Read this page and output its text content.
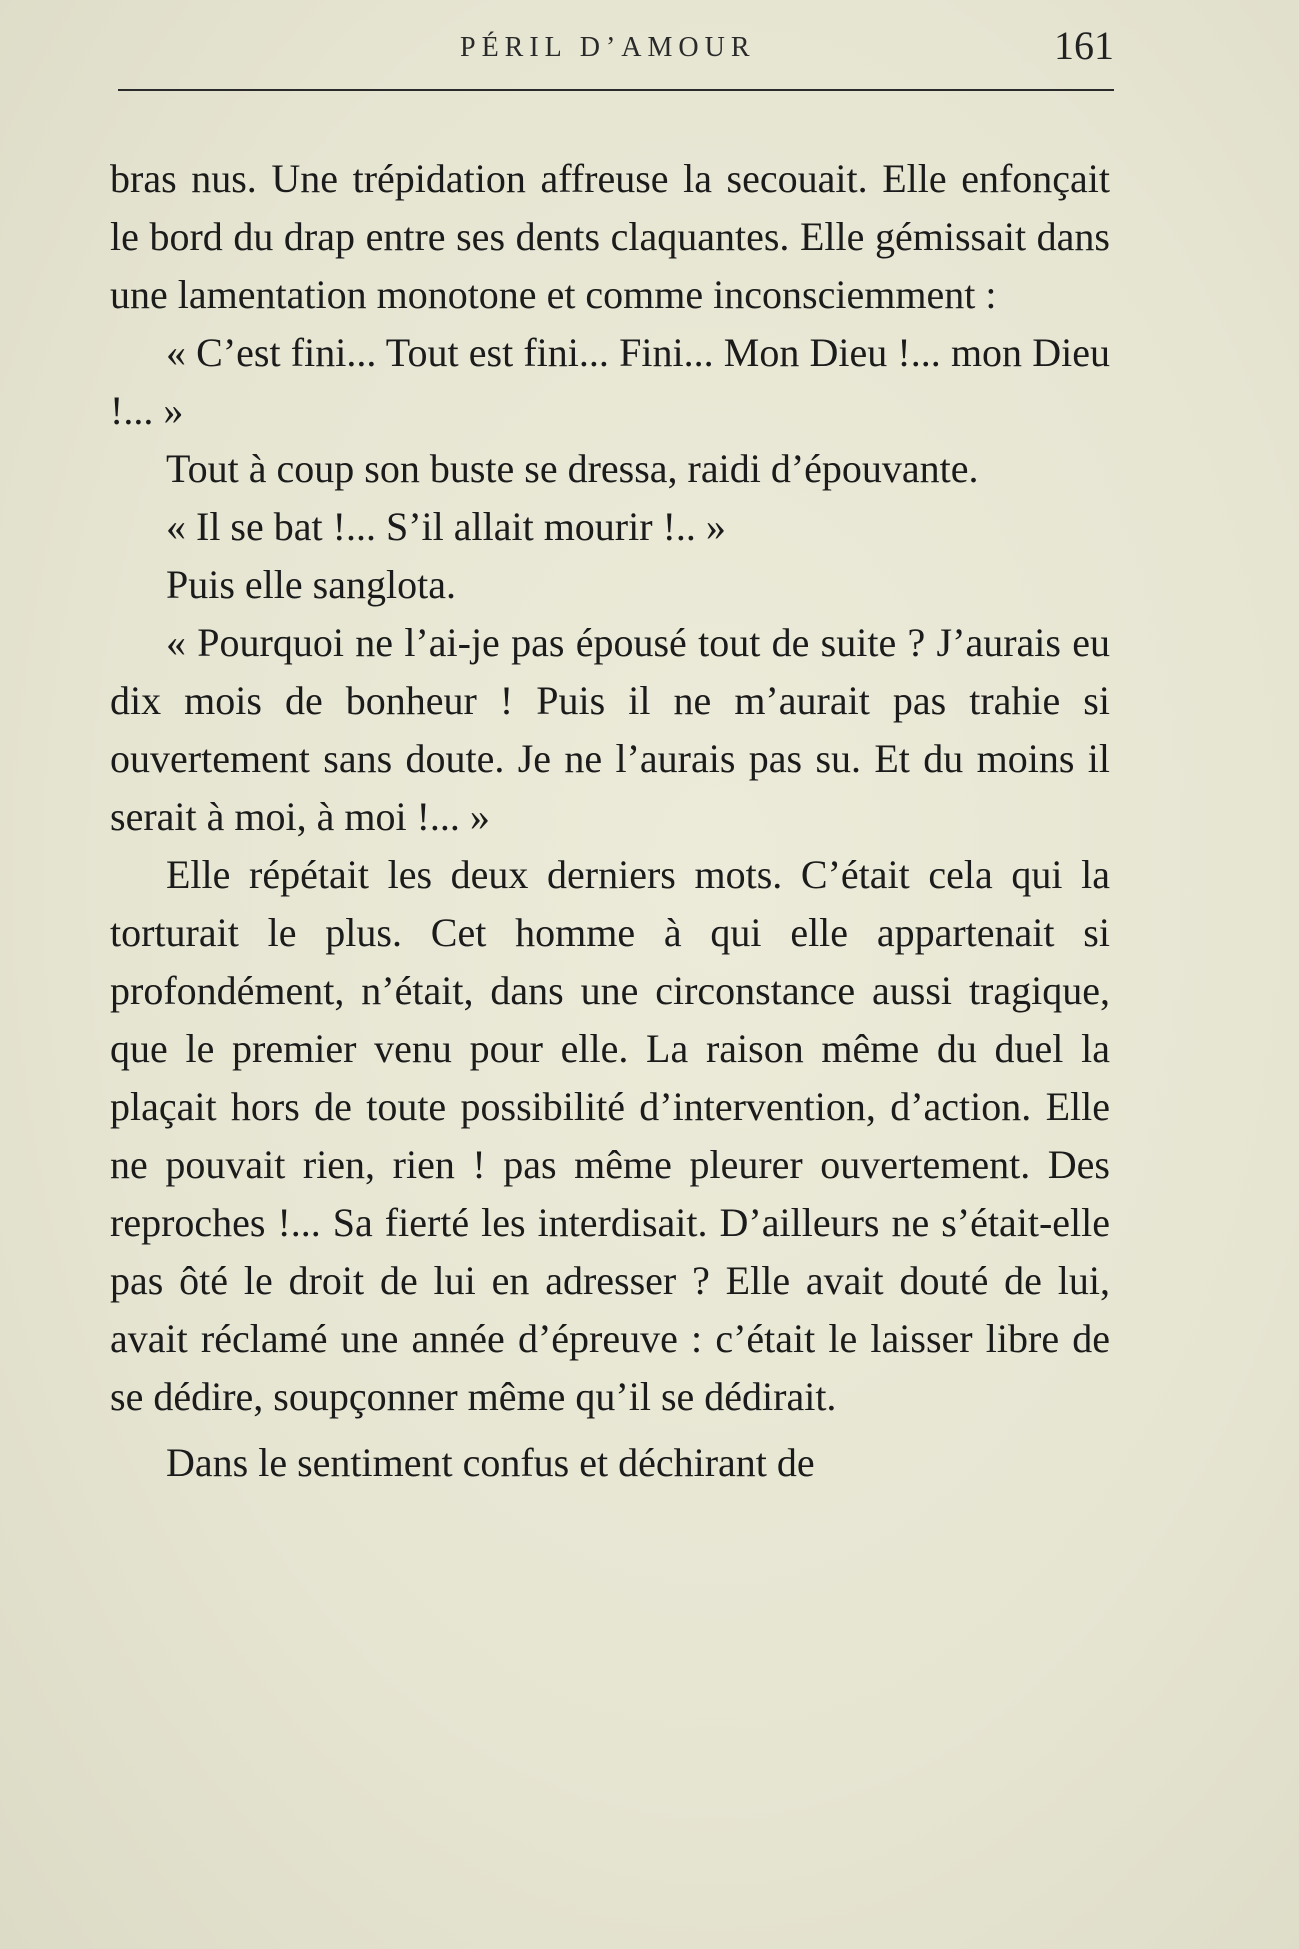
PÉRIL D’AMOUR	161

bras nus. Une trépidation affreuse la secouait. Elle enfonçait le bord du drap entre ses dents claquantes. Elle gémissait dans une lamentation monotone et comme inconsciemment :

« C’est fini... Tout est fini... Fini... Mon Dieu !... mon Dieu !... »

Tout à coup son buste se dressa, raidi d’épouvante.

« Il se bat !... S’il allait mourir !.. »

Puis elle sanglota.

« Pourquoi ne l’ai-je pas épousé tout de suite ? J’aurais eu dix mois de bonheur ! Puis il ne m’aurait pas trahie si ouvertement sans doute. Je ne l’aurais pas su. Et du moins il serait à moi, à moi !... »

Elle répétait les deux derniers mots. C’était cela qui la torturait le plus. Cet homme à qui elle appartenait si profondément, n’était, dans une circonstance aussi tragique, que le premier venu pour elle. La raison même du duel la plaçait hors de toute possibilité d’intervention, d’action. Elle ne pouvait rien, rien ! pas même pleurer ouvertement. Des reproches !... Sa fierté les interdisait. D’ailleurs ne s’était-elle pas ôté le droit de lui en adresser ? Elle avait douté de lui, avait réclamé une année d’épreuve : c’était le laisser libre de se dédire, soupçonner même qu’il se dédirait.

Dans le sentiment confus et déchirant de
